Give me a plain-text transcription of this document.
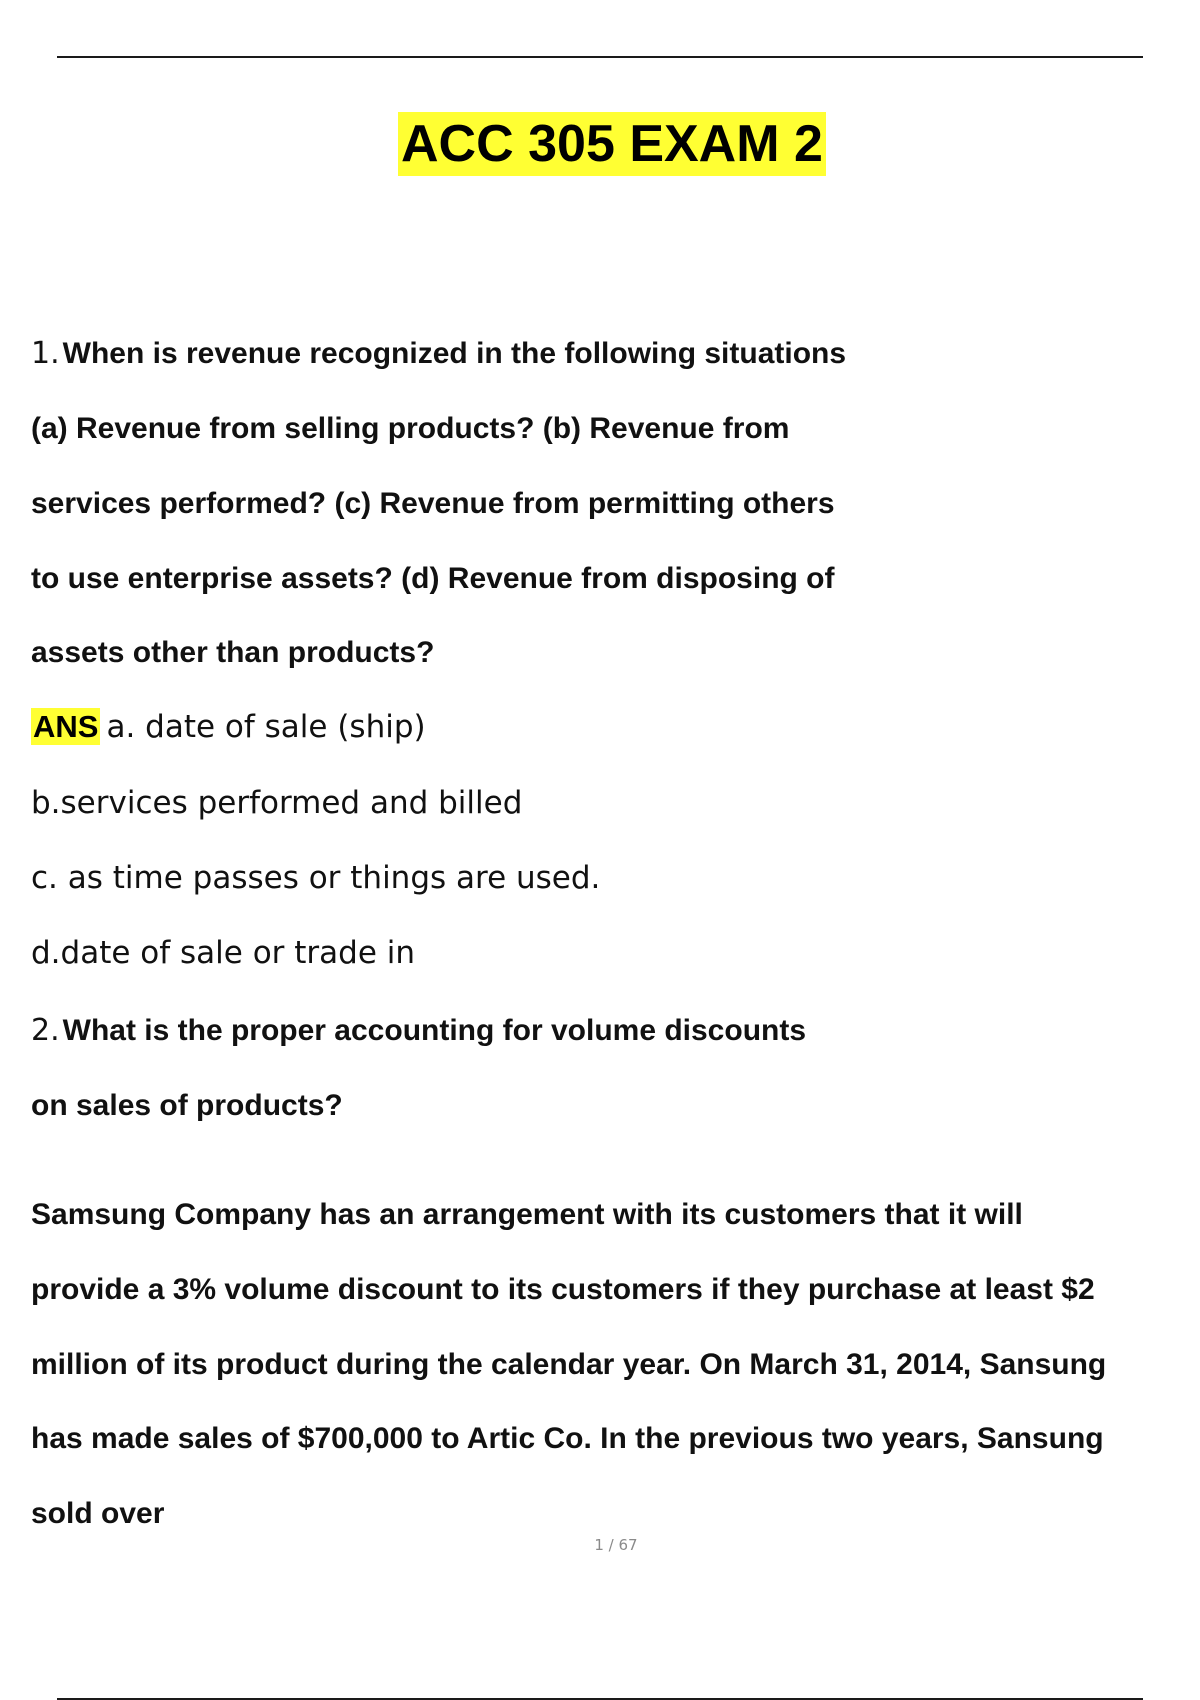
ACC 305 EXAM 2
1. When is revenue recognized in the following situations
(a) Revenue from selling products? (b) Revenue from
services performed? (c) Revenue from permitting others
to use enterprise assets? (d) Revenue from disposing of
assets other than products?
ANS a. date of sale (ship)
b.services performed and billed
c. as time passes or things are used.
d.date of sale or trade in
2. What is the proper accounting for volume discounts
on sales of products?
Samsung Company has an arrangement with its customers that it will
provide a 3% volume discount to its customers if they purchase at least $2
million of its product during the calendar year. On March 31, 2014, Sansung
has made sales of $700,000 to Artic Co. In the previous two years, Sansung
sold over
1 / 67
